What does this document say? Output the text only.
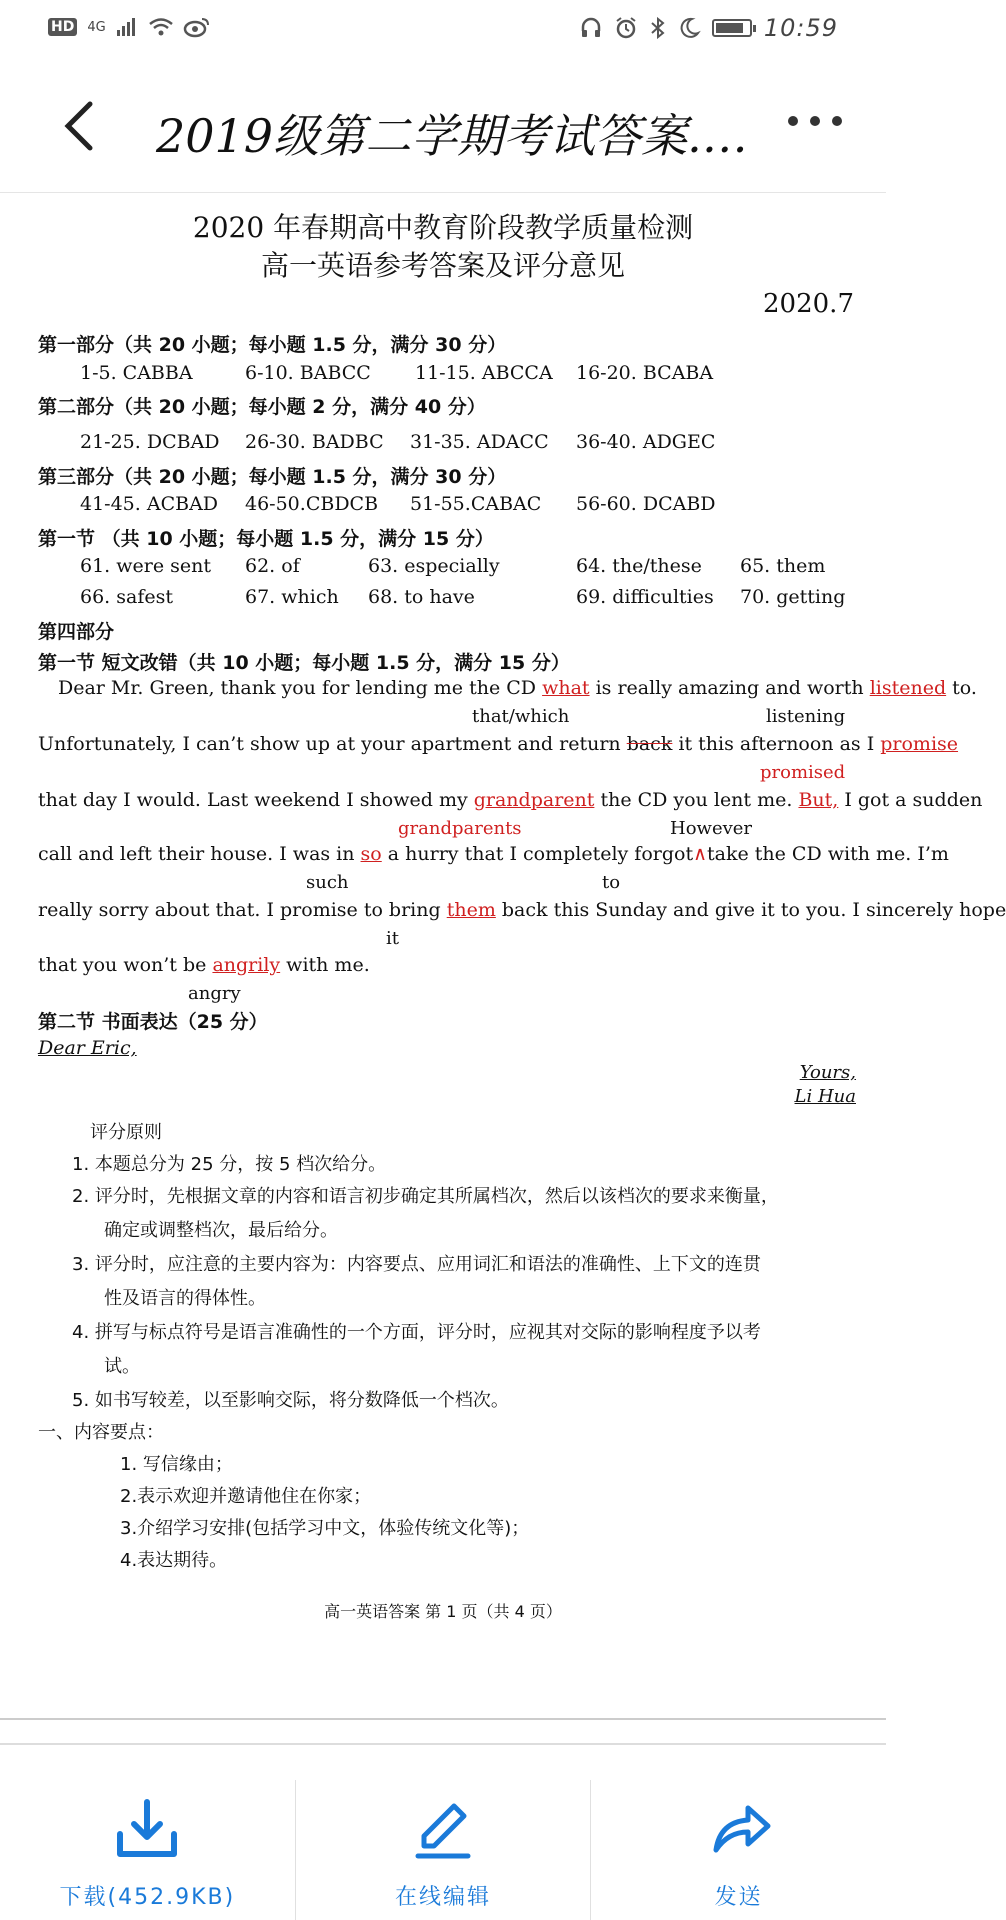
HD 4G	10:59
2019级第二学期考试答案.…
2020 年春期高中教育阶段教学质量检测
高一英语参考答案及评分意见
2020.7
第一部分（共 20 小题；每小题 1.5 分，满分 30 分）
1-5. CABBA	6-10. BABCC 11-15. ABCCA 16-20. BCABA
第二部分（共 20 小题；每小题 2 分，满分 40 分）
21-25. DCBAD 26-30. BADBC 31-35. ADACC 36-40. ADGEC
第三部分（共 20 小题；每小题 1.5 分，满分 30 分）
41-45. ACBAD 46-50.CBDCB 51-55.CABAC 56-60. DCABD
第一节 （共 10 小题；每小题 1.5 分，满分 15 分）
61. were sent 62. of	63. especially	64. the/these 65. them
66. safest	67. which 68. to have	69. difficulties 70. getting
第四部分
第一节 短文改错（共 10 小题；每小题 1.5 分，满分 15 分）
Dear Mr. Green, thank you for lending me the CD what is really amazing and worth listened to.
that/which	listening
Unfortunately, I can’t show up at your apartment and return back it this afternoon as I promise
promised
that day I would. Last weekend I showed my grandparent the CD you lent me. But, I got a sudden
grandparents	However
call and left their house. I was in so a hurry that I completely forgot∧take the CD with me. I’m
such	to
really sorry about that. I promise to bring them back this Sunday and give it to you. I sincerely hope
it
that you won’t be angrily with me.
angry
第二节 书面表达（25 分）
Dear Eric,
Yours,
Li Hua
评分原则
1. 本题总分为 25 分，按 5 档次给分。
2. 评分时，先根据文章的内容和语言初步确定其所属档次，然后以该档次的要求来衡量，
确定或调整档次，最后给分。
3. 评分时，应注意的主要内容为：内容要点、应用词汇和语法的准确性、上下文的连贯
性及语言的得体性。
4. 拼写与标点符号是语言准确性的一个方面，评分时，应视其对交际的影响程度予以考
试。
5. 如书写较差，以至影响交际，将分数降低一个档次。
一、内容要点：
1. 写信缘由；
2.表示欢迎并邀请他住在你家；
3.介绍学习安排(包括学习中文，体验传统文化等)；
4.表达期待。
高一英语答案 第 1 页（共 4 页）
下载(452.9KB)	在线编辑	发送
